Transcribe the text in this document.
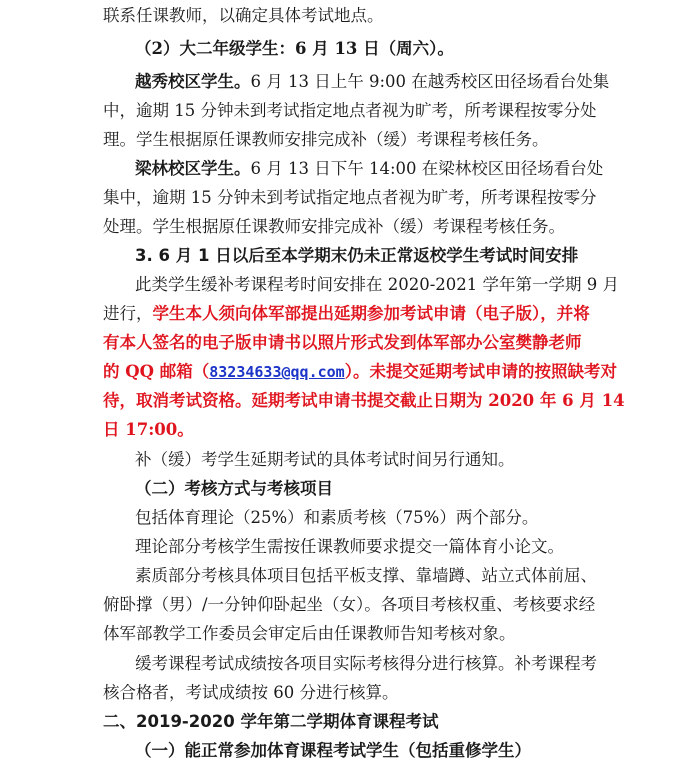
联系任课教师，以确定具体考试地点。
（2）大二年级学生：6 月 13 日（周六）。
越秀校区学生。6 月 13 日上午 9:00 在越秀校区田径场看台处集
中，逾期 15 分钟未到考试指定地点者视为旷考，所考课程按零分处
理。学生根据原任课教师安排完成补（缓）考课程考核任务。
梁林校区学生。6 月 13 日下午 14:00 在梁林校区田径场看台处
集中，逾期 15 分钟未到考试指定地点者视为旷考，所考课程按零分
处理。学生根据原任课教师安排完成补（缓）考课程考核任务。
3. 6 月 1 日以后至本学期末仍未正常返校学生考试时间安排
此类学生缓补考课程考时间安排在 2020-2021 学年第一学期 9 月
进行，学生本人须向体军部提出延期参加考试申请（电子版），并将
有本人签名的电子版申请书以照片形式发到体军部办公室樊静老师
的 QQ 邮箱（83234633@qq.com）。未提交延期考试申请的按照缺考对
待，取消考试资格。延期考试申请书提交截止日期为 2020 年 6 月 14
日 17:00。
补（缓）考学生延期考试的具体考试时间另行通知。
（二）考核方式与考核项目
包括体育理论（25%）和素质考核（75%）两个部分。
理论部分考核学生需按任课教师要求提交一篇体育小论文。
素质部分考核具体项目包括平板支撑、靠墙蹲、站立式体前屈、
俯卧撑（男）/一分钟仰卧起坐（女）。各项目考核权重、考核要求经
体军部教学工作委员会审定后由任课教师告知考核对象。
缓考课程考试成绩按各项目实际考核得分进行核算。补考课程考
核合格者，考试成绩按 60 分进行核算。
二、2019-2020 学年第二学期体育课程考试
（一）能正常参加体育课程考试学生（包括重修学生）
